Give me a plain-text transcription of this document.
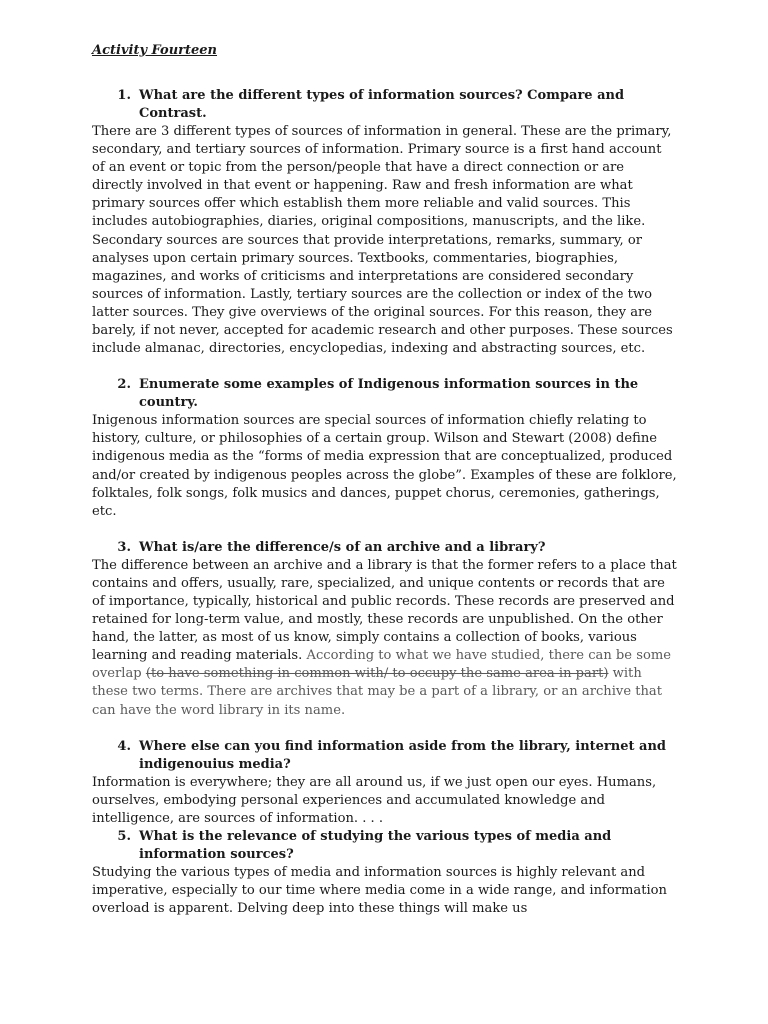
Activity Fourteen
1. What are the different types of information sources? Compare and Contrast.

There are 3 different types of sources of information in general. These are the primary, secondary, and tertiary sources of information. Primary source is a first hand account of an event or topic from the person/people that have a direct connection or are directly involved in that event or happening. Raw and fresh information are what primary sources offer which establish them more reliable and valid sources. This includes autobiographies, diaries, original compositions, manuscripts, and the like. Secondary sources are sources that provide interpretations, remarks, summary, or analyses upon certain primary sources. Textbooks, commentaries, biographies, magazines, and works of criticisms and interpretations are considered secondary sources of information. Lastly, tertiary sources are the collection or index of the two latter sources. They give overviews of the original sources. For this reason, they are barely, if not never, accepted for academic research and other purposes. These sources include almanac, directories, encyclopedias, indexing and abstracting sources, etc.

2. Enumerate some examples of Indigenous information sources in the country.

Inigenous information sources are special sources of information chiefly relating to history, culture, or philosophies of a certain group. Wilson and Stewart (2008) define indigenous media as the “forms of media expression that are conceptualized, produced and/or created by indigenous peoples across the globe”. Examples of these are folklore, folktales, folk songs, folk musics and dances, puppet chorus, ceremonies, gatherings, etc.

3. What is/are the difference/s of an archive and a library?

The difference between an archive and a library is that the former refers to a place that contains and offers, usually, rare, specialized, and unique contents or records that are of importance, typically, historical and public records. These records are preserved and retained for long-term value, and mostly, these records are unpublished. On the other hand, the latter, as most of us know, simply contains a collection of books, various learning and reading materials. According to what we have studied, there can be some overlap (to have something in common with/ to occupy the same area in part) with these two terms. There are archives that may be a part of a library, or an archive that can have the word library in its name.

4. Where else can you find information aside from the library, internet and indigenouius media?

Information is everywhere; they are all around us, if we just open our eyes. Humans, ourselves, embodying personal experiences and accumulated knowledge and intelligence, are sources of information. . . .

5. What is the relevance of studying the various types of media and information sources?

Studying the various types of media and information sources is highly relevant and imperative, especially to our time where media come in a wide range, and information overload is apparent. Delving deep into these things will make us
